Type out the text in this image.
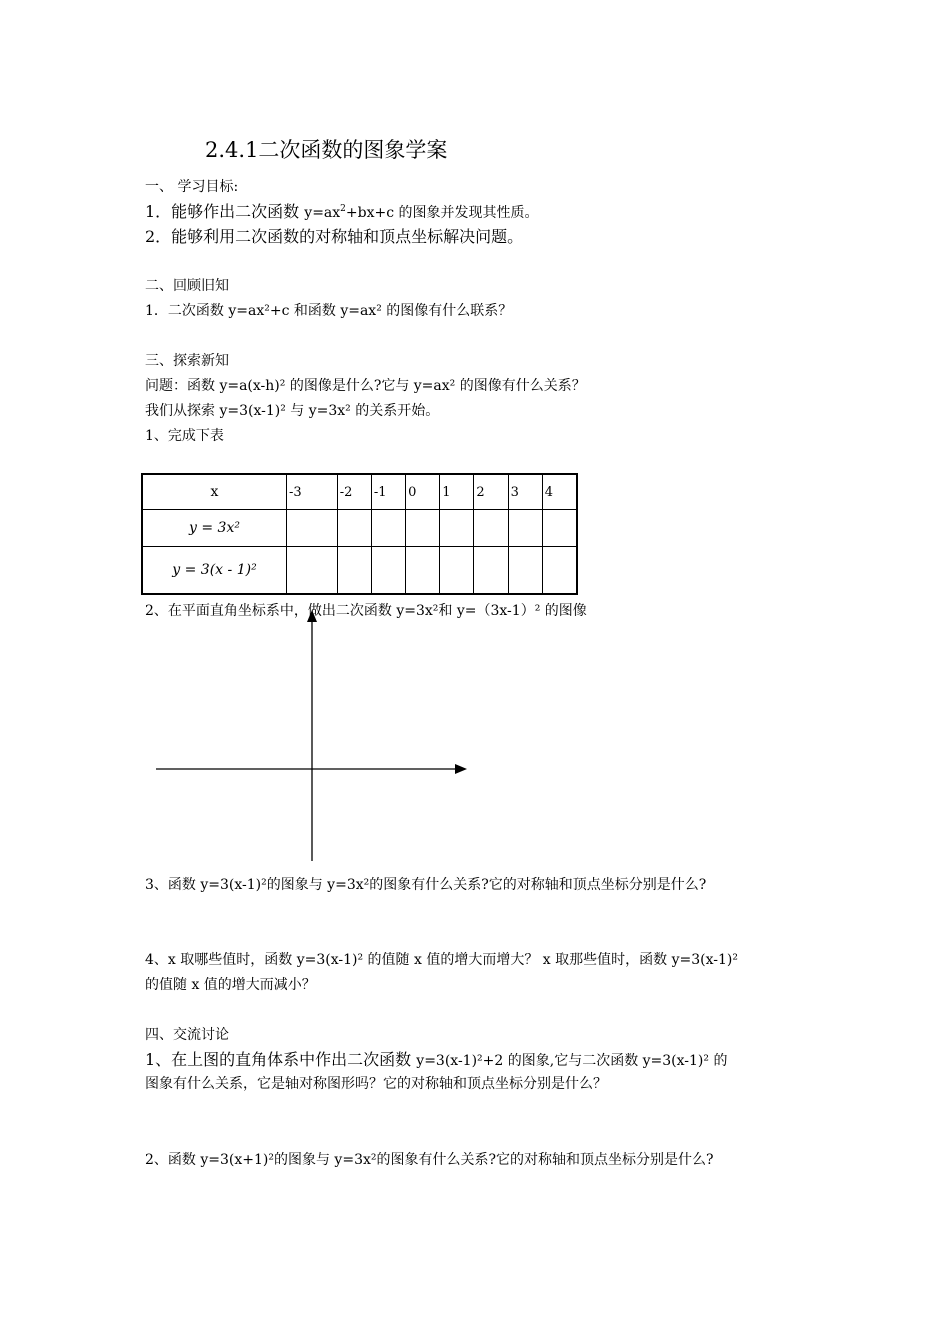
2.4.1二次函数的图象学案
一、 学习目标:
1．能够作出二次函数 $y=ax^2+bx+c$ 的图象并发现其性质。
2．能够利用二次函数的对称轴和顶点坐标解决问题。
二、回顾旧知
1．二次函数 y=ax²+c 和函数 y=ax² 的图像有什么联系？
三、探索新知
问题：函数 y=a(x-h)² 的图像是什么?它与 y=ax² 的图像有什么关系？
我们从探索 y=3(x-1)² 与 y=3x² 的关系开始。
1、完成下表
x	-3	-2	-1	0	1	2	3	4
y = 3x²								
y = 3(x - 1)²								
2、在平面直角坐标系中，做出二次函数 y=3x²和 y=（3x-1）² 的图像
3、函数 y=3(x-1)²的图象与 y=3x²的图象有什么关系?它的对称轴和顶点坐标分别是什么?
4、x 取哪些值时，函数 y=3(x-1)² 的值随 x 值的增大而增大？ x 取那些值时，函数 y=3(x-1)²
的值随 x 值的增大而减小？
四、交流讨论
1、在上图的直角体系中作出二次函数 y=3(x-1)²+2 的图象,它与二次函数 y=3(x-1)² 的
图象有什么关系，它是轴对称图形吗？它的对称轴和顶点坐标分别是什么？
2、函数 y=3(x+1)²的图象与 y=3x²的图象有什么关系?它的对称轴和顶点坐标分别是什么?
